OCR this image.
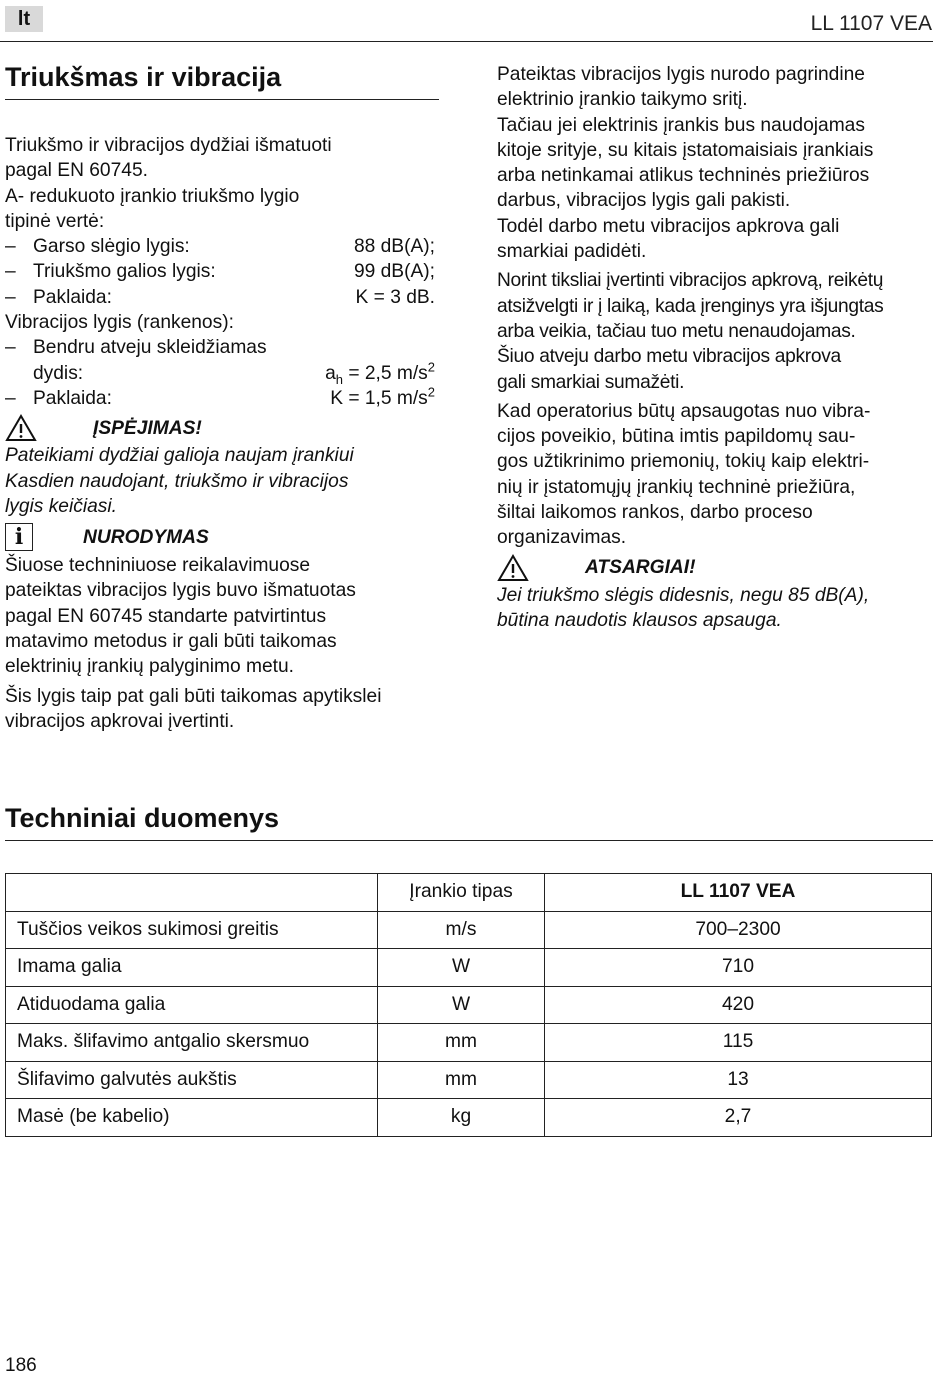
lt	LL 1107 VEA
Triukšmas ir vibracija

Triukšmo ir vibracijos dydžiai išmatuoti

pagal EN 60745.

A- redukuoto įrankio triukšmo lygio

tipinė vertė:

– Garso slėgio lygis:	88 dB(A);
– Triukšmo galios lygis:	99 dB(A);
– Paklaida:	K = 3 dB.

Vibracijos lygis (rankenos):

– Bendru atveju skleidžiamas
dydis:	$a_h = 2,5$ $m/s^2$
– Paklaida:	K = 1,5 $m/s^2$
ĮSPĖJIMAS!

Pateikiami dydžiai galioja naujam įrankiui

Kasdien naudojant, triukšmo ir vibracijos

lygis keičiasi.

i	NURODYMAS

Šiuose techniniuose reikalavimuose

pateiktas vibracijos lygis buvo išmatuotas

pagal EN 60745 standarte patvirtintus

matavimo metodus ir gali būti taikomas

elektrinių įrankių palyginimo metu.

Šis lygis taip pat gali būti taikomas apytikslei

vibracijos apkrovai įvertinti.

Pateiktas vibracijos lygis nurodo pagrindine

elektrinio įrankio taikymo sritį.

Tačiau jei elektrinis įrankis bus naudojamas

kitoje srityje, su kitais įstatomaisiais įrankiais

arba netinkamai atlikus techninės priežiūros

darbus, vibracijos lygis gali pakisti.

Todėl darbo metu vibracijos apkrova gali

smarkiai padidėti.

Norint tiksliai įvertinti vibracijos apkrovą, reikėtų

atsižvelgti ir į laiką, kada įrenginys yra išjungtas

arba veikia, tačiau tuo metu nenaudojamas.

Šiuo atveju darbo metu vibracijos apkrova

gali smarkiai sumažėti.

Kad operatorius būtų apsaugotas nuo vibra-

cijos poveikio, būtina imtis papildomų sau-

gos užtikrinimo priemonių, tokių kaip elektri-

nių ir įstatomųjų įrankių techninė priežiūra,

šiltai laikomos rankos, darbo proceso

organizavimas.

ATSARGIAI!

Jei triukšmo slėgis didesnis, negu 85 dB(A),

būtina naudotis klausos apsauga.

Techniniai duomenys
	Įrankio tipas	LL 1107 VEA
Tuščios veikos sukimosi greitis	m/s	700–2300
Imama galia	W	710
Atiduodama galia	W	420
Maks. šlifavimo antgalio skersmuo	mm	115
Šlifavimo galvutės aukštis	mm	13
Masė (be kabelio)	kg	2,7
186
